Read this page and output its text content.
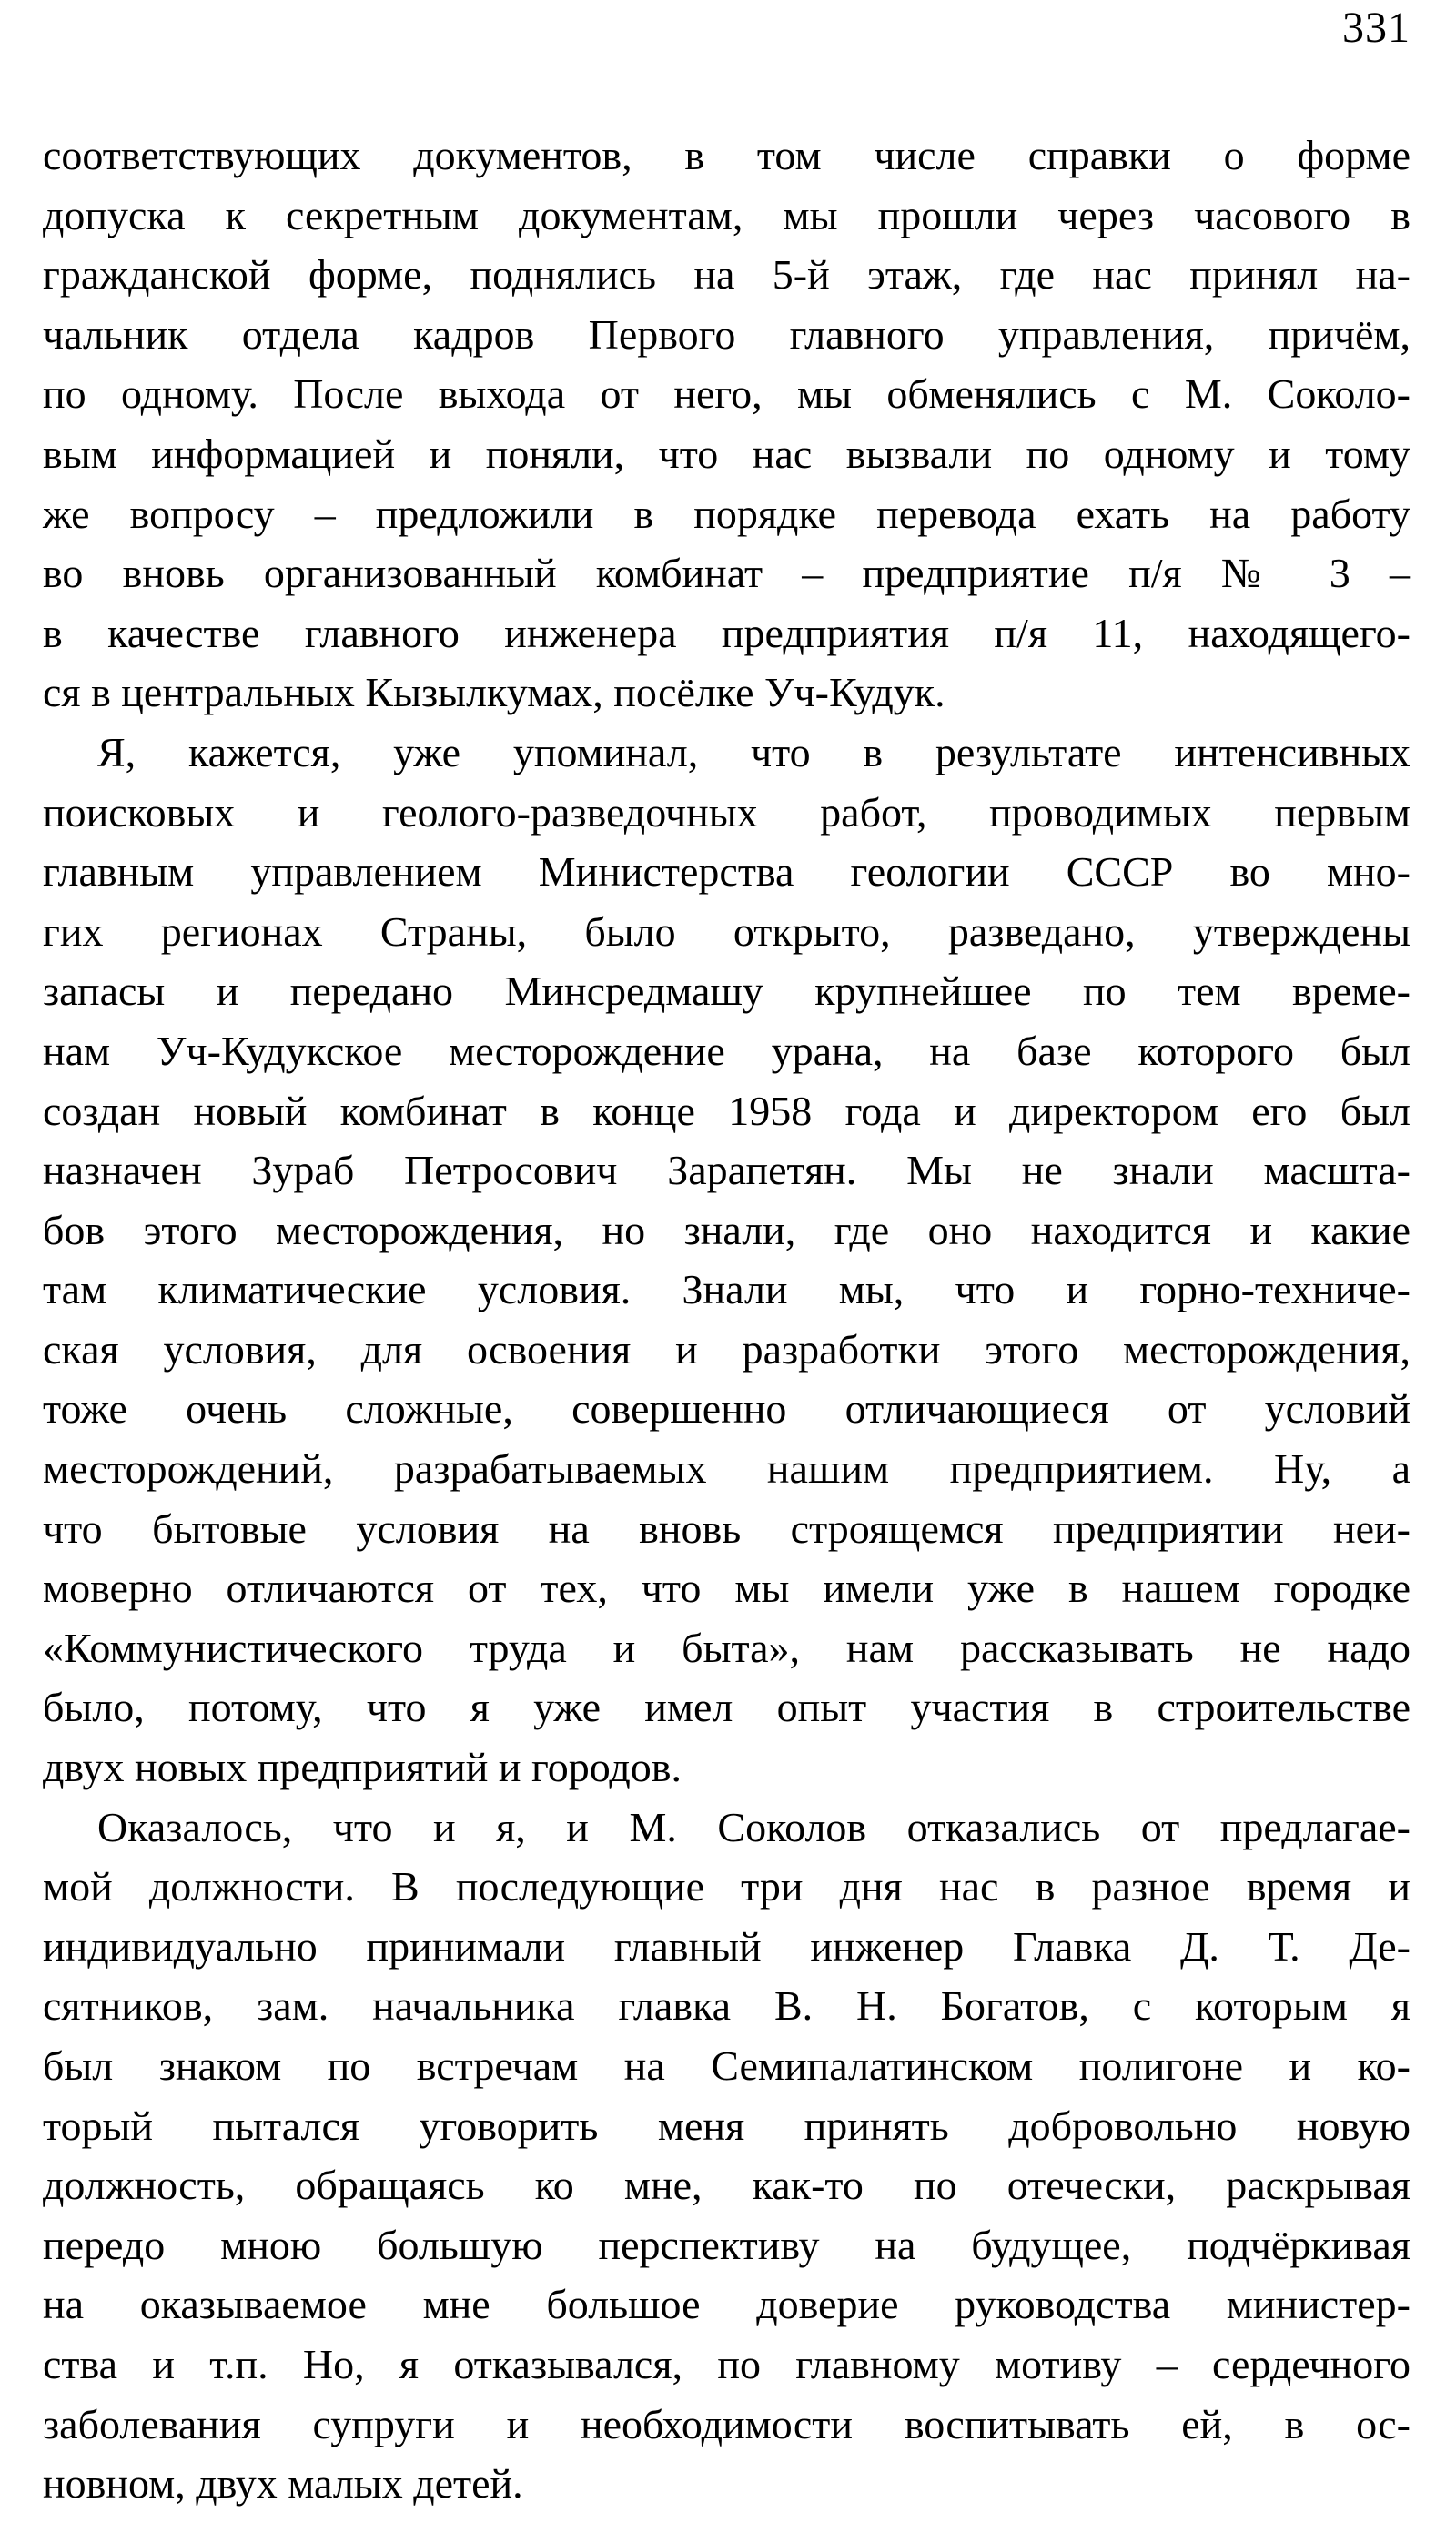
331
соответствующих документов, в том числе справки о форме
допуска к секретным документам, мы прошли через часового в
гражданской форме, поднялись на 5-й этаж, где нас принял на-
чальник отдела кадров Первого главного управления, причём,
по одному. После выхода от него, мы обменялись с М. Соколо-
вым информацией и поняли, что нас вызвали по одному и тому
же вопросу – предложили в порядке перевода ехать на работу
во вновь организованный комбинат – предприятие п/я № 3 –
в качестве главного инженера предприятия п/я 11, находящего-
ся в центральных Кызылкумах, посёлке Уч-Кудук.
Я, кажется, уже упоминал, что в результате интенсивных
поисковых и геолого-разведочных работ, проводимых первым
главным управлением Министерства геологии СССР во мно-
гих регионах Страны, было открыто, разведано, утверждены
запасы и передано Минсредмашу крупнейшее по тем време-
нам Уч-Кудукское месторождение урана, на базе которого был
создан новый комбинат в конце 1958 года и директором его был
назначен Зураб Петросович Зарапетян. Мы не знали масшта-
бов этого месторождения, но знали, где оно находится и какие
там климатические условия. Знали мы, что и горно-техниче-
ская условия, для освоения и разработки этого месторождения,
тоже очень сложные, совершенно отличающиеся от условий
месторождений, разрабатываемых нашим предприятием. Ну, а
что бытовые условия на вновь строящемся предприятии неи-
моверно отличаются от тех, что мы имели уже в нашем городке
«Коммунистического труда и быта», нам рассказывать не надо
было, потому, что я уже имел опыт участия в строительстве
двух новых предприятий и городов.
Оказалось, что и я, и М. Соколов отказались от предлагае-
мой должности. В последующие три дня нас в разное время и
индивидуально принимали главный инженер Главка Д. Т. Де-
сятников, зам. начальника главка В. Н. Богатов, с которым я
был знаком по встречам на Семипалатинском полигоне и ко-
торый пытался уговорить меня принять добровольно новую
должность, обращаясь ко мне, как-то по отечески, раскрывая
передо мною большую перспективу на будущее, подчёркивая
на оказываемое мне большое доверие руководства министер-
ства и т.п. Но, я отказывался, по главному мотиву – сердечного
заболевания супруги и необходимости воспитывать ей, в ос-
новном, двух малых детей.
